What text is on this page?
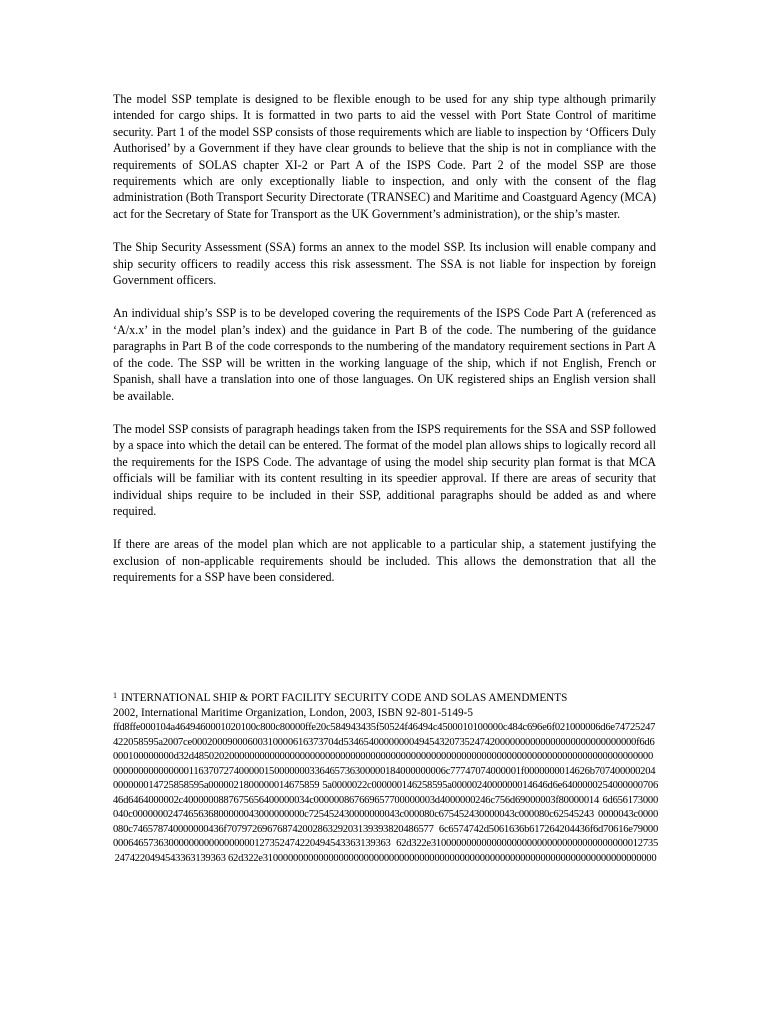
The model SSP template is designed to be flexible enough to be used for any ship type although primarily intended for cargo ships. It is formatted in two parts to aid the vessel with Port State Control of maritime security. Part 1 of the model SSP consists of those requirements which are liable to inspection by ‘Officers Duly Authorised’ by a Government if they have clear grounds to believe that the ship is not in compliance with the requirements of SOLAS chapter XI-2 or Part A of the ISPS Code. Part 2 of the model SSP are those requirements which are only exceptionally liable to inspection, and only with the consent of the flag administration (Both Transport Security Directorate (TRANSEC) and Maritime and Coastguard Agency (MCA) act for the Secretary of State for Transport as the UK Government’s administration), or the ship’s master.

The Ship Security Assessment (SSA) forms an annex to the model SSP. Its inclusion will enable company and ship security officers to readily access this risk assessment. The SSA is not liable for inspection by foreign Government officers.

An individual ship’s SSP is to be developed covering the requirements of the ISPS Code Part A (referenced as ‘A/x.x’ in the model plan’s index) and the guidance in Part B of the code. The numbering of the guidance paragraphs in Part B of the code corresponds to the numbering of the mandatory requirement sections in Part A of the code. The SSP will be written in the working language of the ship, which if not English, French or Spanish, shall have a translation into one of those languages. On UK registered ships an English version shall be available.

The model SSP consists of paragraph headings taken from the ISPS requirements for the SSA and SSP followed by a space into which the detail can be entered. The format of the model plan allows ships to logically record all the requirements for the ISPS Code. The advantage of using the model ship security plan format is that MCA officials will be familiar with its content resulting in its speedier approval. If there are areas of security that individual ships require to be included in their SSP, additional paragraphs should be added as and where required.

If there are areas of the model plan which are not applicable to a particular ship, a statement justifying the exclusion of non-applicable requirements should be included. This allows the demonstration that all the requirements for a SSP have been considered.

$^1$ INTERNATIONAL SHIP & PORT FACILITY SECURITY CODE AND SOLAS AMENDMENTS

2002, International Maritime Organization, London, 2003, ISBN 92-801-5149-5

ffd8ffe000104a4649460001020100c800c80000ffe20c584943435f50524f46494c4500010100000c484c696e6f021000006d6e74725247422058595a2007ce00020009000600310000616373704d5346540000000049454320735247420000000000000000000000000000f6d6000100000000d32d4850202000000000000000000000000000000000000000000000000000000000000000000000000000000000000000000000000000116370727400000150000000336465736300000184000000006c77747074000001f0000000014626b707400000204000000014725858595a0000021800000014675859 5a0000022c000000146258595a0000024000000014646d6e640000025400000070646d6464000002c4000000887675656400000034c000000867669657700000003d4000000246c756d69000003f80000014 6d656173000040c0000000247465636800000043000000000c725452430000000043c000080c675452430000043c000080c62545243 0000043c0000080c746578740000000436f70797269676874200286329203139393820486577 6c6574742d5061636b617264204436f6d70616e790000006465736300000000000000000127352474220494543363139363 62d322e3100000000000000000000000000000000000000127352474220494543363139363 62d322e310000000000000000000000000000000000000000000000000000000000000000000000000000
